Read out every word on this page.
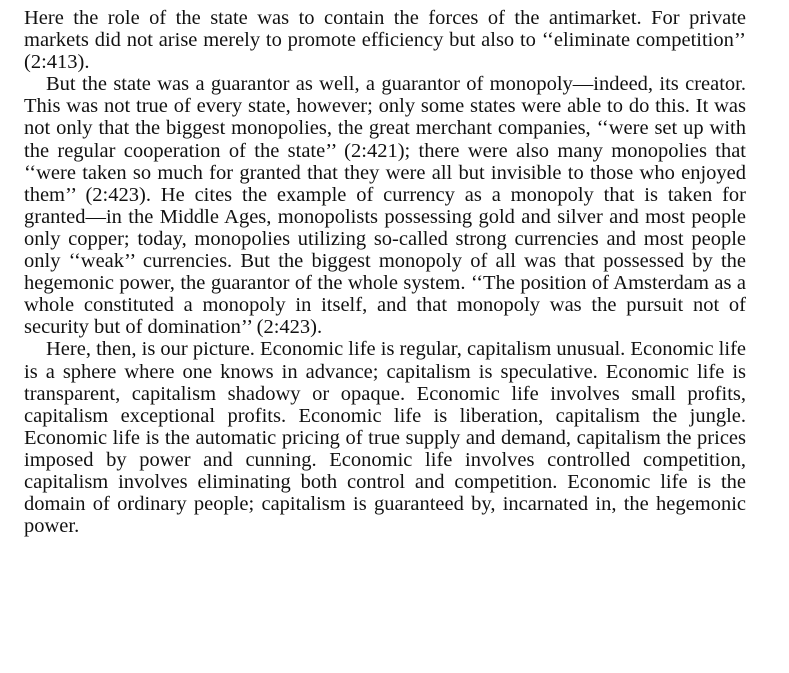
Here the role of the state was to contain the forces of the antimarket. For private markets did not arise merely to promote efficiency but also to ‘‘eliminate competition’’ (2:413).

But the state was a guarantor as well, a guarantor of monopoly—indeed, its creator. This was not true of every state, however; only some states were able to do this. It was not only that the biggest monopolies, the great merchant companies, ‘‘were set up with the regular cooperation of the state’’ (2:421); there were also many monopolies that ‘‘were taken so much for granted that they were all but invisible to those who enjoyed them’’ (2:423). He cites the example of currency as a monopoly that is taken for granted—in the Middle Ages, monopolists possessing gold and silver and most people only copper; today, monopolies utilizing so-called strong currencies and most people only ‘‘weak’’ currencies. But the biggest monopoly of all was that possessed by the hegemonic power, the guarantor of the whole system. ‘‘The position of Amsterdam as a whole constituted a monopoly in itself, and that monopoly was the pursuit not of security but of domination’’ (2:423).

Here, then, is our picture. Economic life is regular, capitalism unusual. Economic life is a sphere where one knows in advance; capitalism is speculative. Economic life is transparent, capitalism shadowy or opaque. Economic life involves small profits, capitalism exceptional profits. Economic life is liberation, capitalism the jungle. Economic life is the automatic pricing of true supply and demand, capitalism the prices imposed by power and cunning. Economic life involves controlled competition, capitalism involves eliminating both control and competition. Economic life is the domain of ordinary people; capitalism is guaranteed by, incarnated in, the hegemonic power.
